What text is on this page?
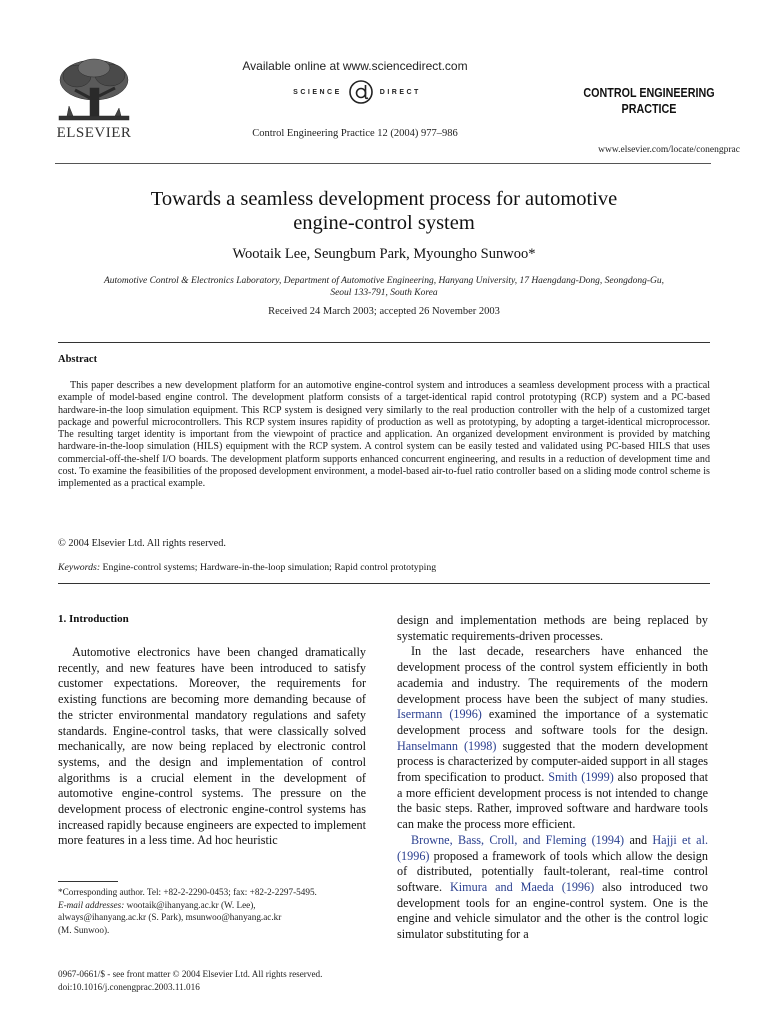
ELSEVIER
Available online at www.sciencedirect.com
SCIENCE	DIRECT
Control Engineering Practice 12 (2004) 977–986
CONTROL ENGINEERING
PRACTICE
www.elsevier.com/locate/conengprac
Towards a seamless development process for automotive
engine-control system
Wootaik Lee, Seungbum Park, Myoungho Sunwoo*
Automotive Control & Electronics Laboratory, Department of Automotive Engineering, Hanyang University, 17 Haengdang-Dong, Seongdong-Gu,
Seoul 133-791, South Korea
Received 24 March 2003; accepted 26 November 2003
Abstract
This paper describes a new development platform for an automotive engine-control system and introduces a seamless development process with a practical example of model-based engine control. The development platform consists of a target-identical rapid control prototyping (RCP) system and a PC-based hardware-in-the loop simulation equipment. This RCP system is designed very similarly to the real production controller with the help of a customized target package and powerful microcontrollers. This RCP system insures rapidity of production as well as prototyping, by adopting a target-identical microprocessor. The resulting target identity is important from the viewpoint of practice and application. An organized development environment is provided by matching hardware-in-the-loop simulation (HILS) equipment with the RCP system. A control system can be easily tested and validated using PC-based HILS that uses commercial-off-the-shelf I/O boards. The development platform supports enhanced concurrent engineering, and results in a reduction of development time and cost. To examine the feasibilities of the proposed development environment, a model-based air-to-fuel ratio controller based on a sliding mode control scheme is implemented as a practical example.
© 2004 Elsevier Ltd. All rights reserved.
Keywords: Engine-control systems; Hardware-in-the-loop simulation; Rapid control prototyping
1. Introduction
Automotive electronics have been changed dramatically recently, and new features have been introduced to satisfy customer expectations. Moreover, the requirements for existing functions are becoming more demanding because of the stricter environmental mandatory regulations and safety standards. Engine-control tasks, that were classically solved mechanically, are now being replaced by electronic control systems, and the design and implementation of control algorithms is a crucial element in the development of automotive engine-control systems. The pressure on the development process of electronic engine-control systems has increased rapidly because engineers are expected to implement more features in a less time. Ad hoc heuristic

design and implementation methods are being replaced by systematic requirements-driven processes.

In the last decade, researchers have enhanced the development process of the control system efficiently in both academia and industry. The requirements of the modern development process have been the subject of many studies. Isermann (1996) examined the importance of a systematic development process and software tools for the design. Hanselmann (1998) suggested that the modern development process is characterized by computer-aided support in all stages from specification to product. Smith (1999) also proposed that a more efficient development process is not intended to change the basic steps. Rather, improved software and hardware tools can make the process more efficient.

Browne, Bass, Croll, and Fleming (1994) and Hajji et al. (1996) proposed a framework of tools which allow the design of distributed, potentially fault-tolerant, real-time control software. Kimura and Maeda (1996) also introduced two development tools for an engine-control system. One is the engine and vehicle simulator and the other is the control logic simulator substituting for a

*Corresponding author. Tel: +82-2-2290-0453; fax: +82-2-2297-5495.
E-mail addresses: wootaik@ihanyang.ac.kr (W. Lee),
always@ihanyang.ac.kr (S. Park), msunwoo@hanyang.ac.kr
(M. Sunwoo).
0967-0661/$ - see front matter © 2004 Elsevier Ltd. All rights reserved.
doi:10.1016/j.conengprac.2003.11.016
